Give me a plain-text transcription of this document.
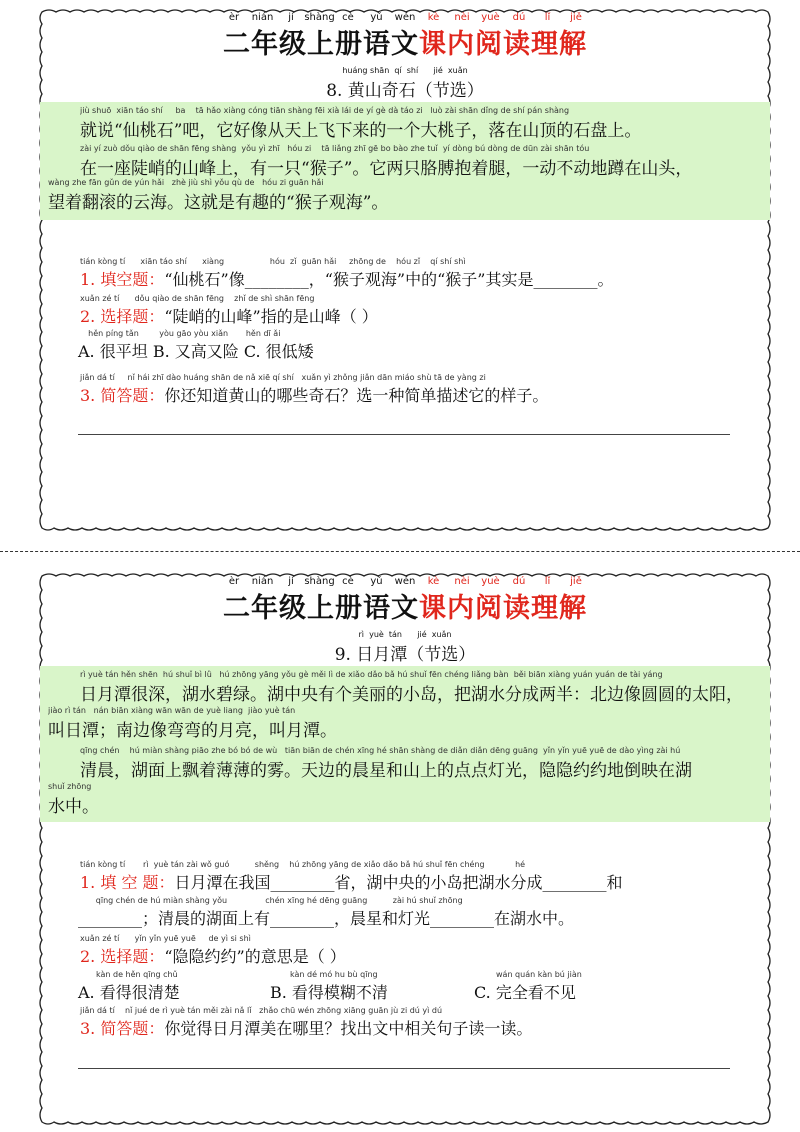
èr nián jí shàng cè yǔ wén kè nèi yuè dú lǐ jiě
二年级上册语文课内阅读理解
huáng shān  qí  shí      jié  xuǎn
8. 黄山奇石（节选）
jiù shuō  xiān táo shí     ba    tā hǎo xiàng cóng tiān shàng fēi xià lái de yí gè dà táo zi   luò zài shān dǐng de shí pán shàng
就说“仙桃石”吧，它好像从天上飞下来的一个大桃子，落在山顶的石盘上。
zài yí zuò dǒu qiào de shān fēng shàng  yǒu yì zhī   hóu zi    tā liǎng zhī gē bo bào zhe tuǐ  yí dòng bú dòng de dūn zài shān tóu
在一座陡峭的山峰上，有一只“猴子”。它两只胳膊抱着腿，一动不动地蹲在山头，
wàng zhe fān gǔn de yún hǎi   zhè jiù shì yǒu qù de   hóu zi guān hǎi
望着翻滚的云海。这就是有趣的“猴子观海”。
tián kòng tí      xiān táo shí      xiàng                  hóu  zǐ  guān hǎi     zhōng de    hóu zǐ    qí shí shì
1. 填空题：“仙桃石”像________，“猴子观海”中的“猴子”其实是________。
xuǎn zé tí      dǒu qiào de shān fēng    zhǐ de shì shān fēng
2. 选择题：“陡峭的山峰”指的是山峰（ ）
hěn píng tǎn        yòu gāo yòu xiǎn       hěn dī ǎi
A. 很平坦 B. 又高又险 C. 很低矮
jiǎn dá tí     nǐ hái zhī dào huáng shān de nǎ xiē qí shí   xuǎn yì zhǒng jiǎn dān miáo shù tā de yàng zi
3. 简答题：你还知道黄山的哪些奇石？选一种简单描述它的样子。
èr nián jí shàng cè yǔ wén kè nèi yuè dú lǐ jiě
二年级上册语文课内阅读理解
rì  yuè  tán      jié  xuǎn
9. 日月潭（节选）
rì yuè tán hěn shēn  hú shuǐ bì lǜ   hú zhōng yāng yǒu gè měi lì de xiǎo dǎo bǎ hú shuǐ fēn chéng liǎng bàn  běi biān xiàng yuán yuán de tài yáng
日月潭很深，湖水碧绿。湖中央有个美丽的小岛，把湖水分成两半：北边像圆圆的太阳，
jiào rì tán   nán biān xiàng wān wān de yuè liang  jiào yuè tán
叫日潭；南边像弯弯的月亮，叫月潭。
qīng chén    hú miàn shàng piāo zhe bó bó de wù   tiān biān de chén xīng hé shān shàng de diǎn diǎn dēng guāng  yǐn yǐn yuē yuē de dào yìng zài hú
清晨，湖面上飘着薄薄的雾。天边的晨星和山上的点点灯光，隐隐约约地倒映在湖
shuǐ zhōng
水中。
tián kòng tí       rì  yuè tán zài wǒ guó          shěng    hú zhōng yāng de xiǎo dǎo bǎ hú shuǐ fēn chéng            hé
1. 填 空 题：日月潭在我国________省，湖中央的小岛把湖水分成________和
qīng chén de hú miàn shàng yǒu               chén xīng hé dēng guāng          zài hú shuǐ zhōng
________；清晨的湖面上有________，晨星和灯光________在湖水中。
xuǎn zé tí      yǐn yǐn yuē yuē     de yì si shì
2. 选择题：“隐隐约约”的意思是（ ）
kàn de hěn qīng chǔ
A. 看得很清楚
kàn dé mó hu bù qīng
B. 看得模糊不清
wán quán kàn bú jiàn
C. 完全看不见
jiǎn dá tí    nǐ jué de rì yuè tán měi zài nǎ lǐ   zhǎo chū wén zhōng xiāng guān jù zi dú yì dú
3. 简答题：你觉得日月潭美在哪里？找出文中相关句子读一读。
